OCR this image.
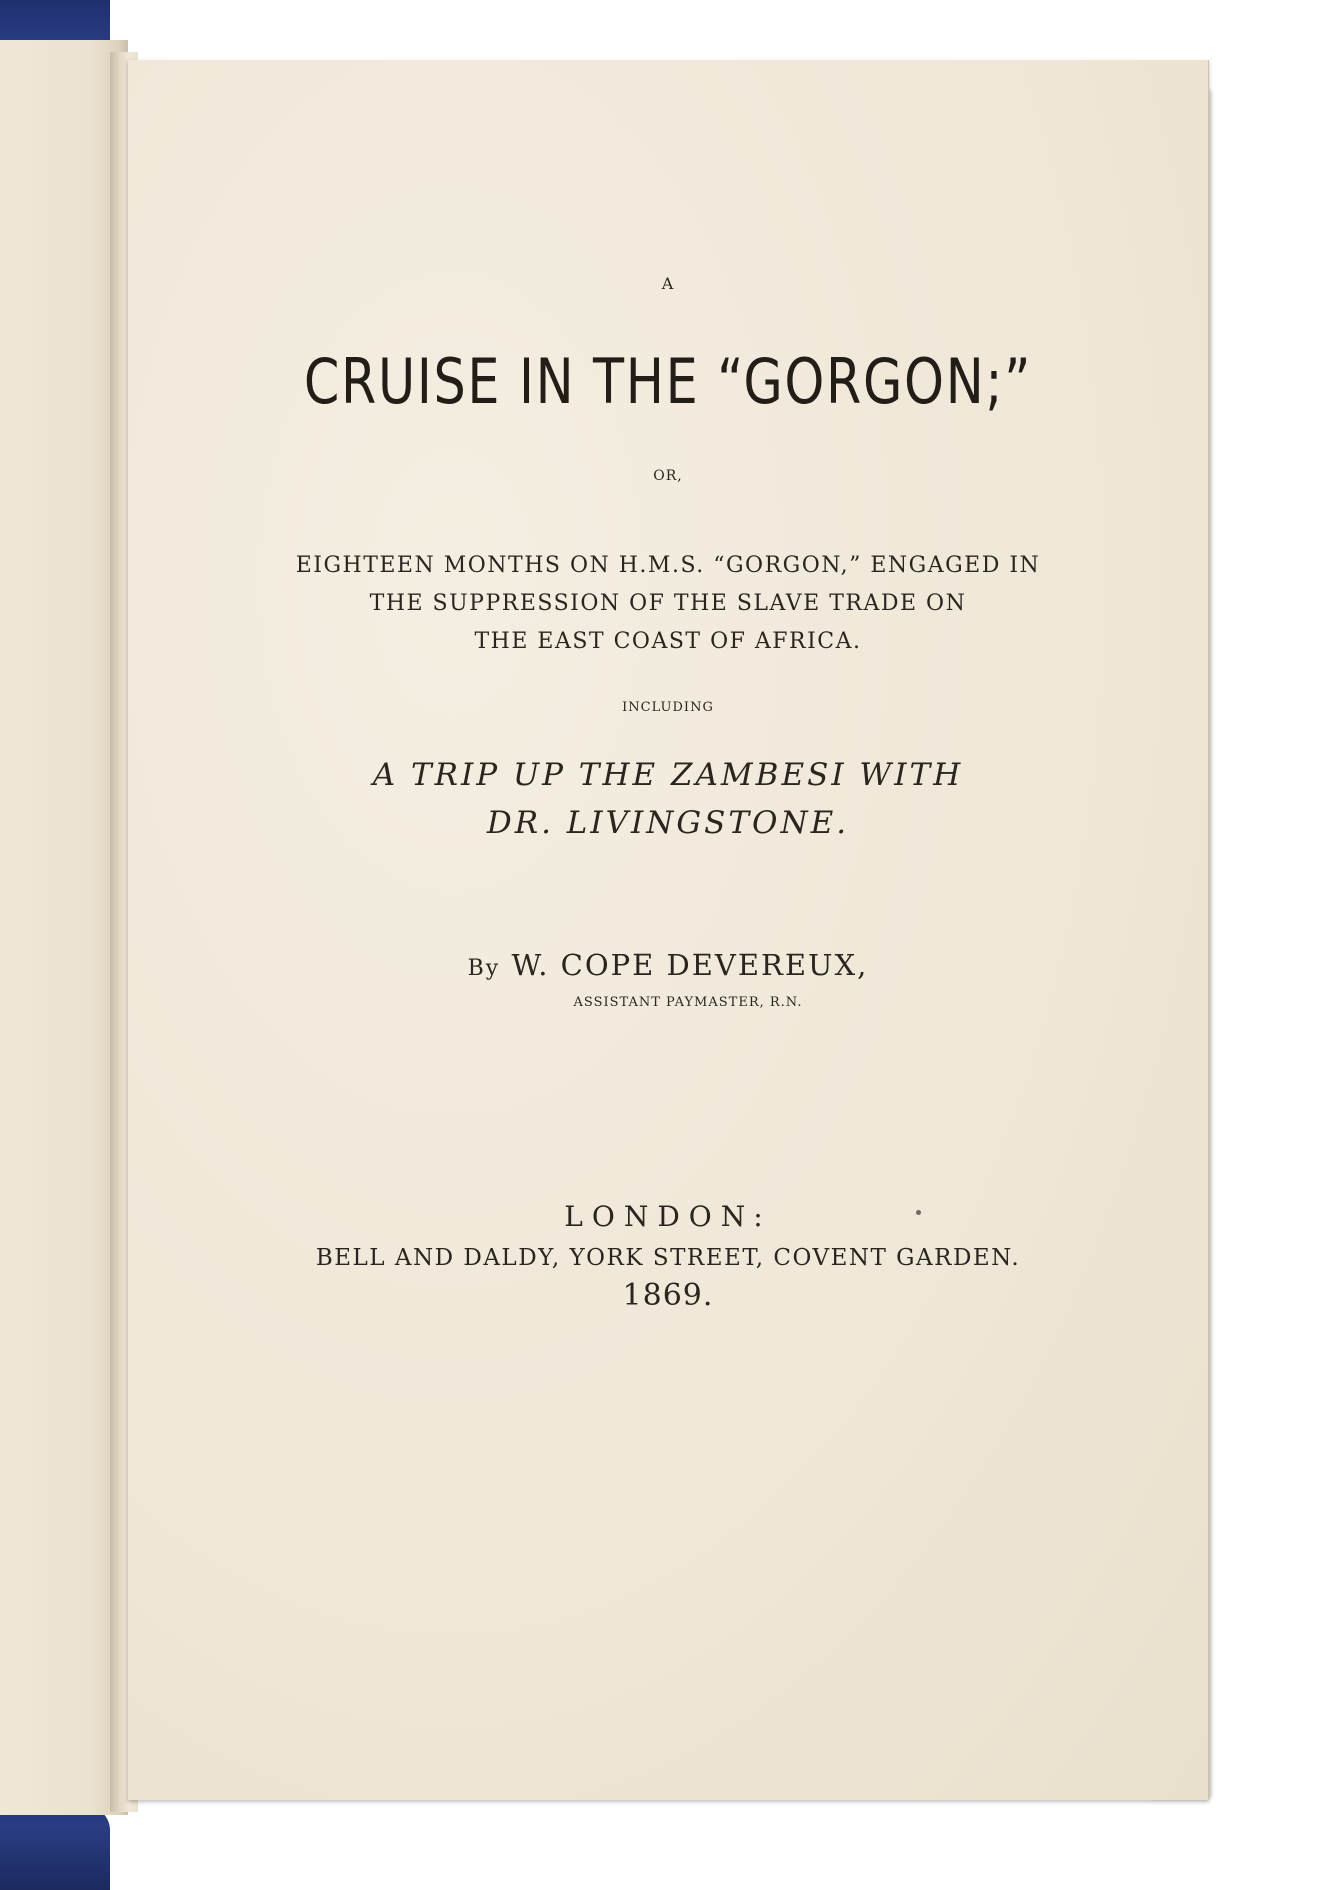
A
CRUISE IN THE “GORGON;”
OR,
EIGHTEEN MONTHS ON H.M.S. “GORGON,” ENGAGED IN
THE SUPPRESSION OF THE SLAVE TRADE ON
THE EAST COAST OF AFRICA.
INCLUDING
A TRIP UP THE ZAMBESI WITH
DR. LIVINGSTONE.
By W. COPE DEVEREUX,
ASSISTANT PAYMASTER, R.N.
LONDON:
BELL AND DALDY, YORK STREET, COVENT GARDEN.
1869.
